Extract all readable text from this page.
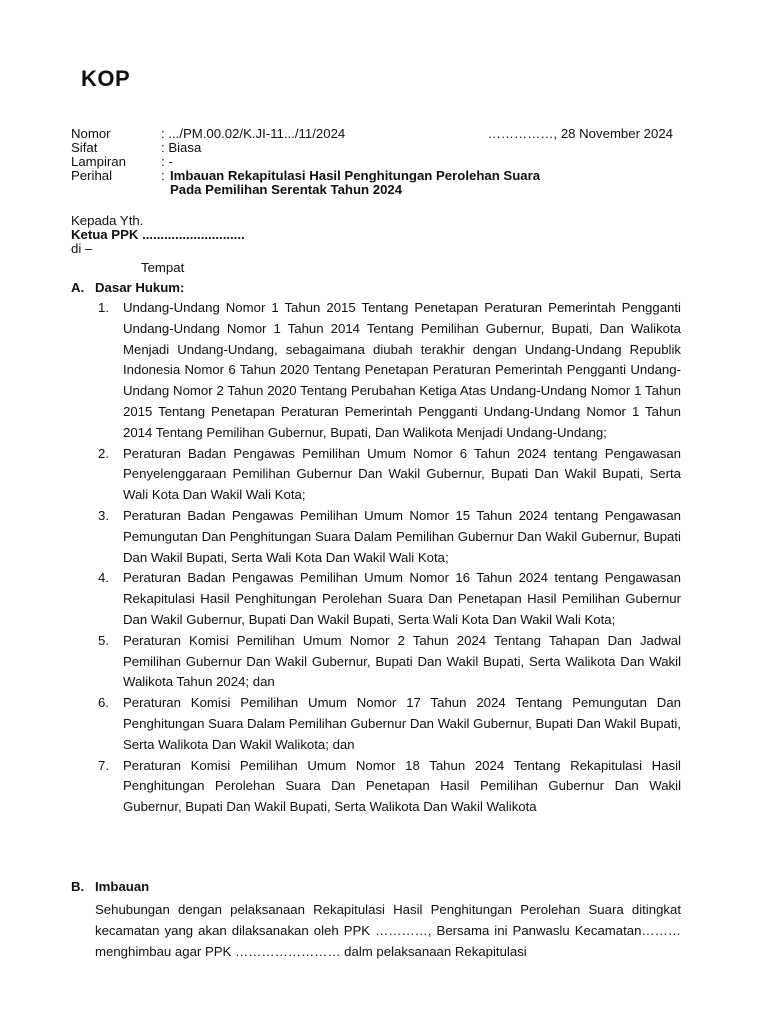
KOP
Nomor	: .../PM.00.02/K.JI-11.../11/2024	……………, 28 November 2024
Sifat	: Biasa
Lampiran	: -
Perihal	: Imbauan Rekapitulasi Hasil Penghitungan Perolehan Suara
Pada Pemilihan Serentak Tahun 2024
Kepada Yth.
Ketua PPK ............................
di –
Tempat
A. Dasar Hukum:
1. Undang-Undang Nomor 1 Tahun 2015 Tentang Penetapan Peraturan Pemerintah Pengganti Undang-Undang Nomor 1 Tahun 2014 Tentang Pemilihan Gubernur, Bupati, Dan Walikota Menjadi Undang-Undang, sebagaimana diubah terakhir dengan Undang-Undang Republik Indonesia Nomor 6 Tahun 2020 Tentang Penetapan Peraturan Pemerintah Pengganti Undang-Undang Nomor 2 Tahun 2020 Tentang Perubahan Ketiga Atas Undang-Undang Nomor 1 Tahun 2015 Tentang Penetapan Peraturan Pemerintah Pengganti Undang-Undang Nomor 1 Tahun 2014 Tentang Pemilihan Gubernur, Bupati, Dan Walikota Menjadi Undang-Undang;
2. Peraturan Badan Pengawas Pemilihan Umum Nomor 6 Tahun 2024 tentang Pengawasan Penyelenggaraan Pemilihan Gubernur Dan Wakil Gubernur, Bupati Dan Wakil Bupati, Serta Wali Kota Dan Wakil Wali Kota;
3. Peraturan Badan Pengawas Pemilihan Umum Nomor 15 Tahun 2024 tentang Pengawasan Pemungutan Dan Penghitungan Suara Dalam Pemilihan Gubernur Dan Wakil Gubernur, Bupati Dan Wakil Bupati, Serta Wali Kota Dan Wakil Wali Kota;
4. Peraturan Badan Pengawas Pemilihan Umum Nomor 16 Tahun 2024 tentang Pengawasan Rekapitulasi Hasil Penghitungan Perolehan Suara Dan Penetapan Hasil Pemilihan Gubernur Dan Wakil Gubernur, Bupati Dan Wakil Bupati, Serta Wali Kota Dan Wakil Wali Kota;
5. Peraturan Komisi Pemilihan Umum Nomor 2 Tahun 2024 Tentang Tahapan Dan Jadwal Pemilihan Gubernur Dan Wakil Gubernur, Bupati Dan Wakil Bupati, Serta Walikota Dan Wakil Walikota Tahun 2024; dan
6. Peraturan Komisi Pemilihan Umum Nomor 17 Tahun 2024 Tentang Pemungutan Dan Penghitungan Suara Dalam Pemilihan Gubernur Dan Wakil Gubernur, Bupati Dan Wakil Bupati, Serta Walikota Dan Wakil Walikota; dan
7. Peraturan Komisi Pemilihan Umum Nomor 18 Tahun 2024 Tentang Rekapitulasi Hasil Penghitungan Perolehan Suara Dan Penetapan Hasil Pemilihan Gubernur Dan Wakil Gubernur, Bupati Dan Wakil Bupati, Serta Walikota Dan Wakil Walikota
B. Imbauan
Sehubungan dengan pelaksanaan Rekapitulasi Hasil Penghitungan Perolehan Suara ditingkat kecamatan yang akan dilaksanakan oleh PPK …………, Bersama ini Panwaslu Kecamatan……… menghimbau agar PPK …………………… dalm pelaksanaan Rekapitulasi
